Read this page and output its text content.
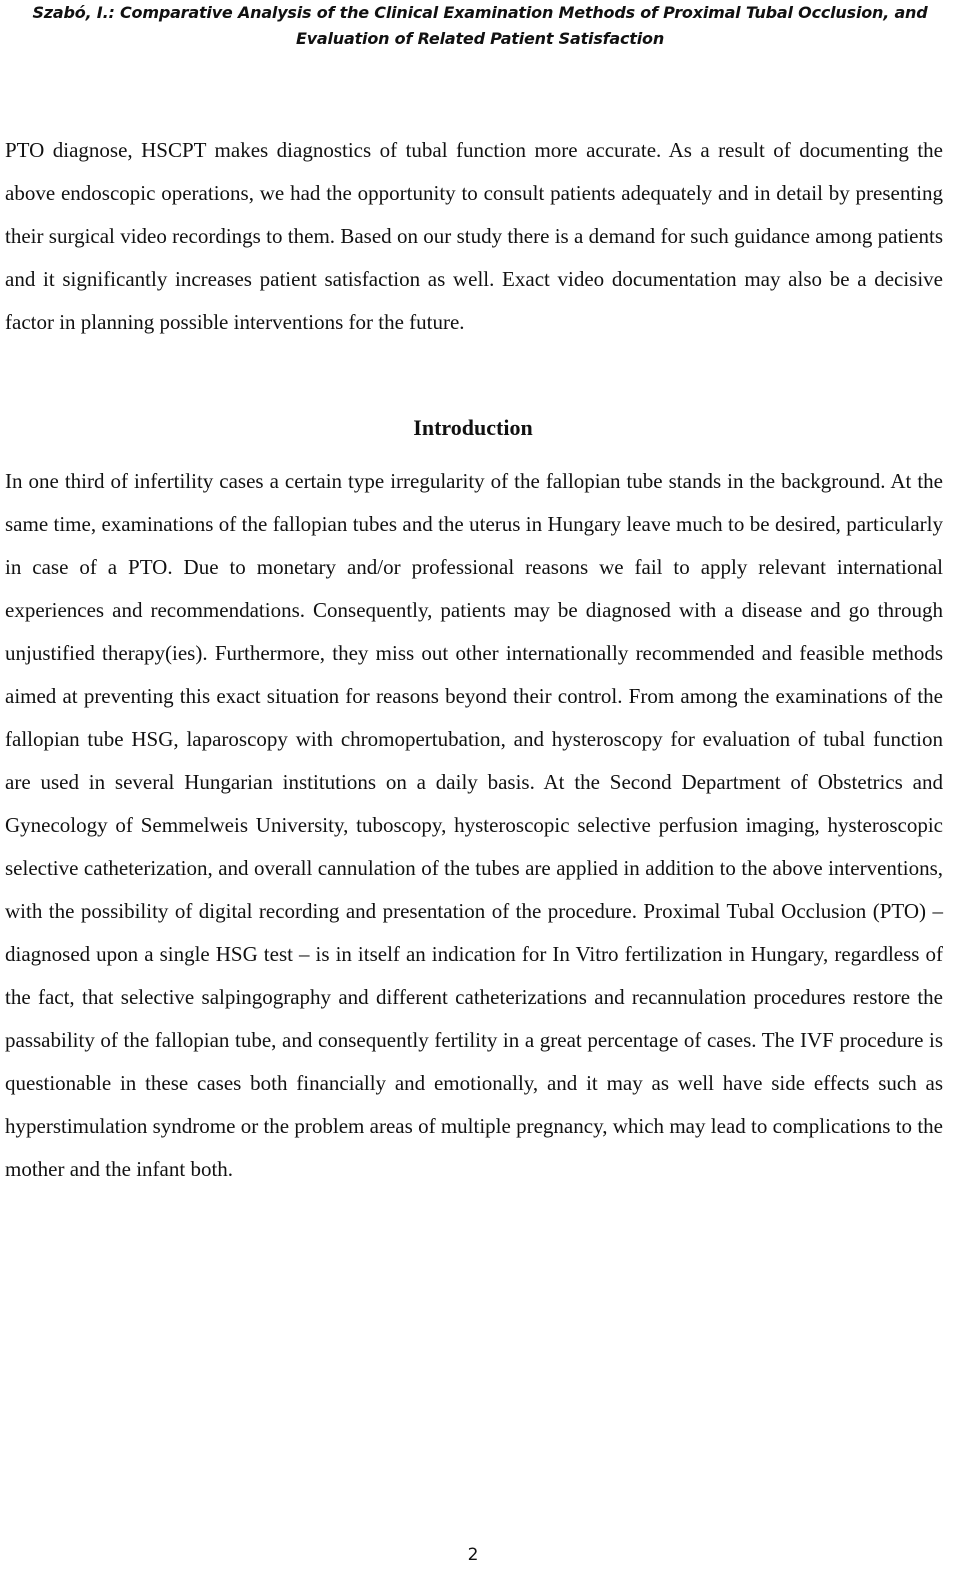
Szabó, I.: Comparative Analysis of the Clinical Examination Methods of Proximal Tubal Occlusion, and
Evaluation of Related Patient Satisfaction

PTO diagnose, HSCPT makes diagnostics of tubal function more accurate. As a result of documenting the above endoscopic operations, we had the opportunity to consult patients adequately and in detail by presenting their surgical video recordings to them. Based on our study there is a demand for such guidance among patients and it significantly increases patient satisfaction as well. Exact video documentation may also be a decisive factor in planning possible interventions for the future.

Introduction

In one third of infertility cases a certain type irregularity of the fallopian tube stands in the background. At the same time, examinations of the fallopian tubes and the uterus in Hungary leave much to be desired, particularly in case of a PTO. Due to monetary and/or professional reasons we fail to apply relevant international experiences and recommendations. Consequently, patients may be diagnosed with a disease and go through unjustified therapy(ies). Furthermore, they miss out other internationally recommended and feasible methods aimed at preventing this exact situation for reasons beyond their control. From among the examinations of the fallopian tube HSG, laparoscopy with chromopertubation, and hysteroscopy for evaluation of tubal function are used in several Hungarian institutions on a daily basis. At the Second Department of Obstetrics and Gynecology of Semmelweis University, tuboscopy, hysteroscopic selective perfusion imaging, hysteroscopic selective catheterization, and overall cannulation of the tubes are applied in addition to the above interventions, with the possibility of digital recording and presentation of the procedure. Proximal Tubal Occlusion (PTO) – diagnosed upon a single HSG test – is in itself an indication for In Vitro fertilization in Hungary, regardless of the fact, that selective salpingography and different catheterizations and recannulation procedures restore the passability of the fallopian tube, and consequently fertility in a great percentage of cases. The IVF procedure is questionable in these cases both financially and emotionally, and it may as well have side effects such as hyperstimulation syndrome or the problem areas of multiple pregnancy, which may lead to complications to the mother and the infant both.

2
